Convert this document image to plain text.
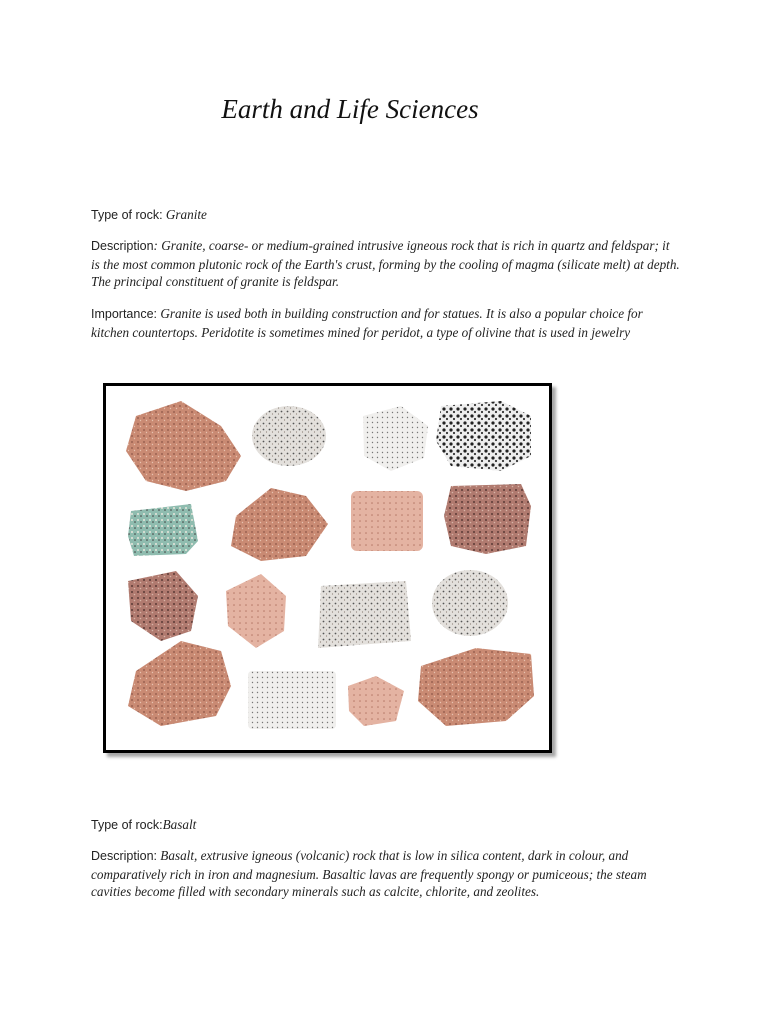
Earth and Life Sciences
Type of rock: Granite
Description: Granite, coarse- or medium-grained intrusive igneous rock that is rich in quartz and feldspar; it is the most common plutonic rock of the Earth's crust, forming by the cooling of magma (silicate melt) at depth. The principal constituent of granite is feldspar.
Importance: Granite is used both in building construction and for statues. It is also a popular choice for kitchen countertops. Peridotite is sometimes mined for peridot, a type of olivine that is used in jewelry
Type of rock:Basalt
Description: Basalt, extrusive igneous (volcanic) rock that is low in silica content, dark in colour, and comparatively rich in iron and magnesium. Basaltic lavas are frequently spongy or pumiceous; the steam cavities become filled with secondary minerals such as calcite, chlorite, and zeolites.
